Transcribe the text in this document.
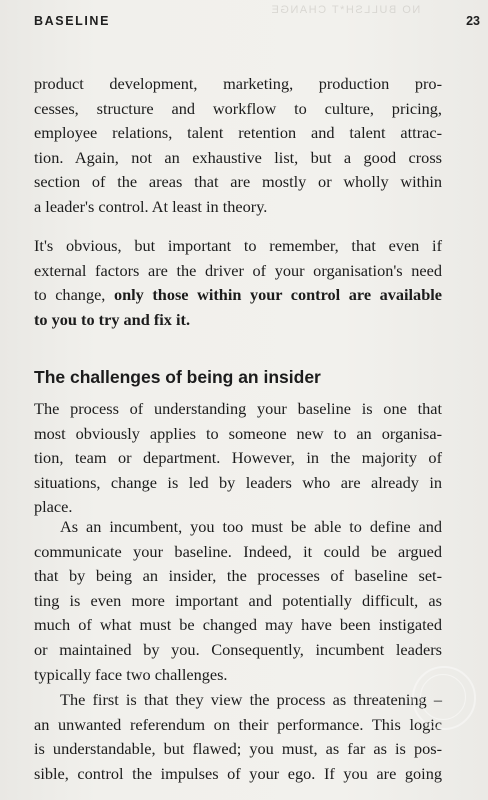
NO BULLSH*T CHANGE
BASELINE	23

product development, marketing, production pro-
cesses, structure and workflow to culture, pricing,
employee relations, talent retention and talent attrac-
tion. Again, not an exhaustive list, but a good cross
section of the areas that are mostly or wholly within
a leader's control. At least in theory.

It's obvious, but important to remember, that even if
external factors are the driver of your organisation's need
to change, only those within your control are available
to you to try and fix it.

The challenges of being an insider

The process of understanding your baseline is one that
most obviously applies to someone new to an organisa-
tion, team or department. However, in the majority of
situations, change is led by leaders who are already in
place.

As an incumbent, you too must be able to define and
communicate your baseline. Indeed, it could be argued
that by being an insider, the processes of baseline set-
ting is even more important and potentially difficult, as
much of what must be changed may have been instigated
or maintained by you. Consequently, incumbent leaders
typically face two challenges.

The first is that they view the process as threatening –
an unwanted referendum on their performance. This logic
is understandable, but flawed; you must, as far as is pos-
sible, control the impulses of your ego. If you are going
